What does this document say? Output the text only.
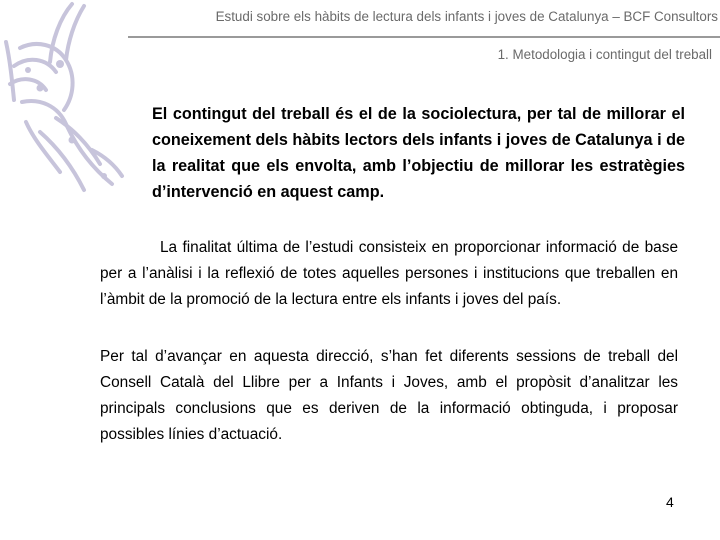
Estudi sobre els hàbits de lectura dels infants i joves de Catalunya – BCF Consultors
1. Metodologia i contingut del treball

El contingut del treball és el de la sociolectura, per tal de millorar el coneixement dels hàbits lectors dels infants i joves de Catalunya i de la realitat que els envolta, amb l’objectiu de millorar les estratègies d’intervenció en aquest camp.

La finalitat última de l’estudi consisteix en proporcionar informació de base per a l’anàlisi i la reflexió de totes aquelles persones i institucions que treballen en l’àmbit de la promoció de la lectura entre els infants i joves del país.

Per tal d’avançar en aquesta direcció, s’han fet diferents sessions de treball del Consell Català del Llibre per a Infants i Joves, amb el propòsit d’analitzar les principals conclusions que es deriven de la informació obtinguda, i proposar possibles línies d’actuació.

4
